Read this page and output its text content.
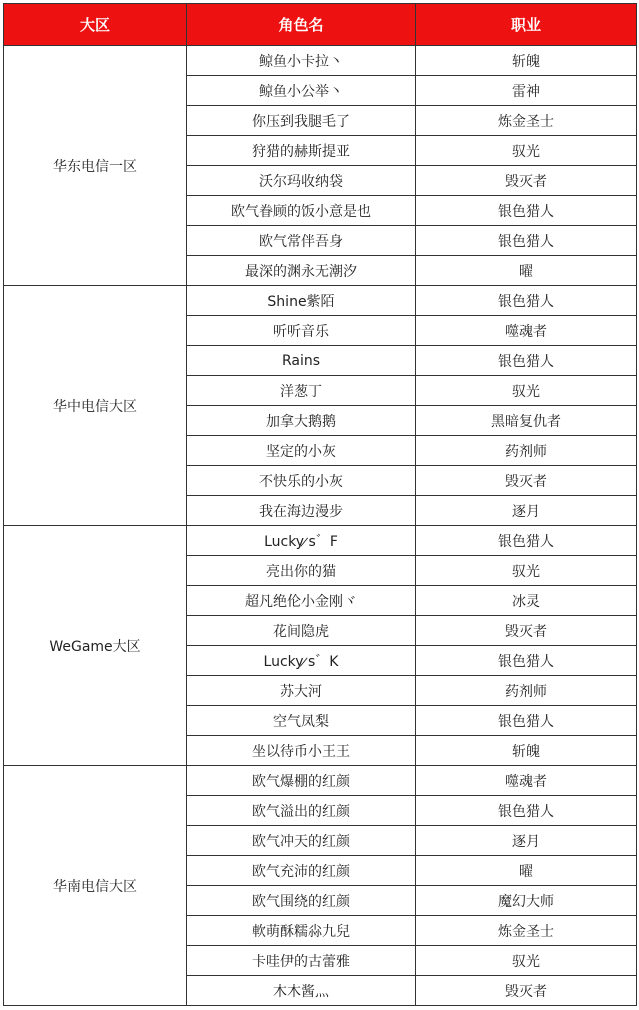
大区	角色名	职业
华东电信一区	鲸鱼小卡拉丶	斩魄
	鲸鱼小公举丶	雷神
	你压到我腿毛了	炼金圣士
	狩猎的赫斯提亚	驭光
	沃尔玛收纳袋	毁灭者
	欧气眷顾的饭小意是也	银色猎人
	欧气常伴吾身	银色猎人
	最深的渊永无潮汐	曜
华中电信大区	Shine紫陌	银色猎人
	听听音乐	噬魂者
	Rains	银色猎人
	洋葱丁	驭光
	加拿大鹅鹅	黑暗复仇者
	坚定的小灰	药剂师
	不快乐的小灰	毁灭者
	我在海边漫步	逐月
WeGame大区	Lucky ̷s゛F	银色猎人
	亮出你的猫	驭光
	超凡绝伦小金刚ヾ	冰灵
	花间隐虎	毁灭者
	Lucky ̷s゛K	银色猎人
	苏大河	药剂师
	空气凤梨	银色猎人
	坐以待币小王王	斩魄
华南电信大区	欧气爆棚的红颜	噬魂者
	欧气溢出的红颜	银色猎人
	欧气冲天的红颜	逐月
	欧气充沛的红颜	曜
	欧气围绕的红颜	魔幻大师
	軟萌酥糯尛九兒	炼金圣士
	卡哇伊的古蕾雅	驭光
	木木酱灬	毁灭者
